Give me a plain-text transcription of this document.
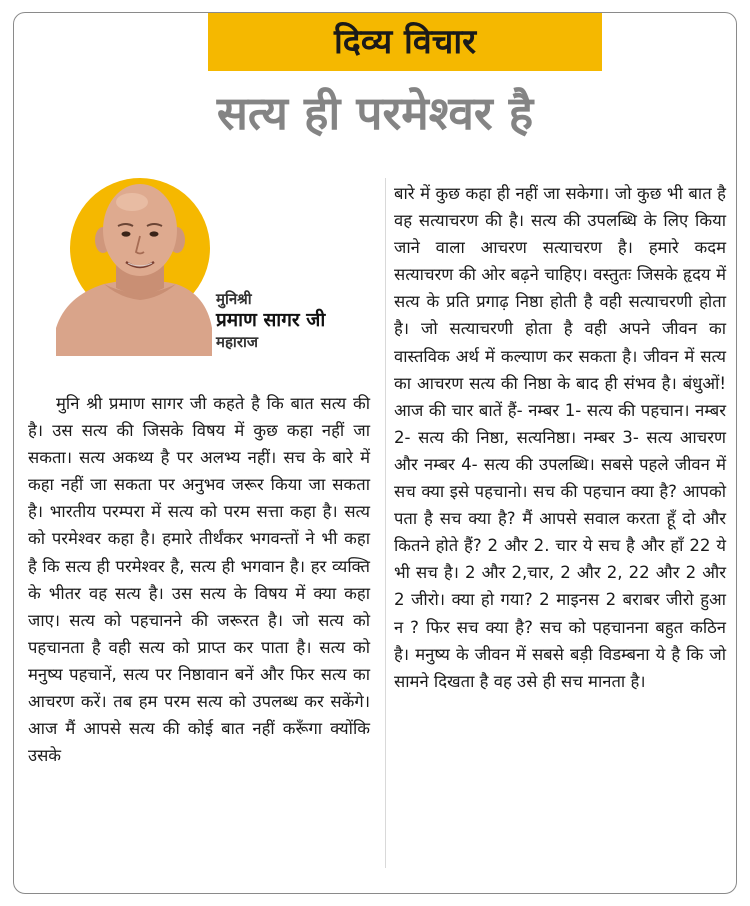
दिव्य विचार
सत्य ही परमेश्वर है
मुनिश्री
प्रमाण सागर जी
महाराज

मुनि श्री प्रमाण सागर जी कहते है कि बात सत्य की है। उस सत्य की जिसके विषय में कुछ कहा नहीं जा सकता। सत्य अकथ्य है पर अलभ्य नहीं। सच के बारे में कहा नहीं जा सकता पर अनुभव जरूर किया जा सकता है। भारतीय परम्परा में सत्य को परम सत्ता कहा है। सत्य को परमेश्वर कहा है। हमारे तीर्थंकर भगवन्तों ने भी कहा है कि सत्य ही परमेश्वर है, सत्य ही भगवान है। हर व्यक्ति के भीतर वह सत्य है। उस सत्य के विषय में क्या कहा जाए। सत्य को पहचानने की जरूरत है। जो सत्य को पहचानता है वही सत्य को प्राप्त कर पाता है। सत्य को मनुष्य पहचानें, सत्य पर निष्ठावान बनें और फिर सत्य का आचरण करें। तब हम परम सत्य को उपलब्ध कर सकेंगे। आज मैं आपसे सत्य की कोई बात नहीं करूँगा क्योंकि उसके

बारे में कुछ कहा ही नहीं जा सकेगा। जो कुछ भी बात है वह सत्याचरण की है। सत्य की उपलब्धि के लिए किया जाने वाला आचरण सत्याचरण है। हमारे कदम सत्याचरण की ओर बढ़ने चाहिए। वस्तुतः जिसके हृदय में सत्य के प्रति प्रगाढ़ निष्ठा होती है वही सत्याचरणी होता है। जो सत्याचरणी होता है वही अपने जीवन का वास्तविक अर्थ में कल्याण कर सकता है। जीवन में सत्य का आचरण सत्य की निष्ठा के बाद ही संभव है। बंधुओं! आज की चार बातें हैं- नम्बर 1- सत्य की पहचान। नम्बर 2- सत्य की निष्ठा, सत्यनिष्ठा। नम्बर 3- सत्य आचरण और नम्बर 4- सत्य की उपलब्धि। सबसे पहले जीवन में सच क्या इसे पहचानो। सच की पहचान क्या है? आपको पता है सच क्या है? मैं आपसे सवाल करता हूँ दो और कितने होते हैं? 2 और 2. चार ये सच है और हाँ 22 ये भी सच है। 2 और 2,चार, 2 और 2, 22 और 2 और 2 जीरो। क्या हो गया? 2 माइनस 2 बराबर जीरो हुआ न ? फिर सच क्या है? सच को पहचानना बहुत कठिन है। मनुष्य के जीवन में सबसे बड़ी विडम्बना ये है कि जो सामने दिखता है वह उसे ही सच मानता है।
